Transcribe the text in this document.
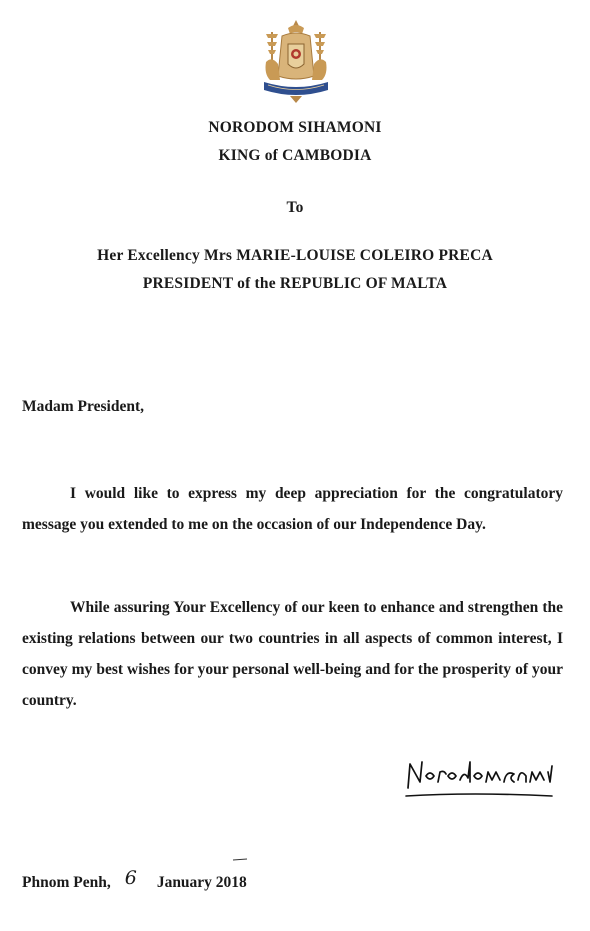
NORODOM SIHAMONI
KING of CAMBODIA
To
Her Excellency Mrs MARIE-LOUISE COLEIRO PRECA
PRESIDENT of the REPUBLIC OF MALTA
Madam President,

I would like to express my deep appreciation for the congratulatory message you extended to me on the occasion of our Independence Day.

While assuring Your Excellency of our keen to enhance and strengthen the existing relations between our two countries in all aspects of common interest, I convey my best wishes for your personal well-being and for the prosperity of your country.

Phnom Penh, 6 January 2018
